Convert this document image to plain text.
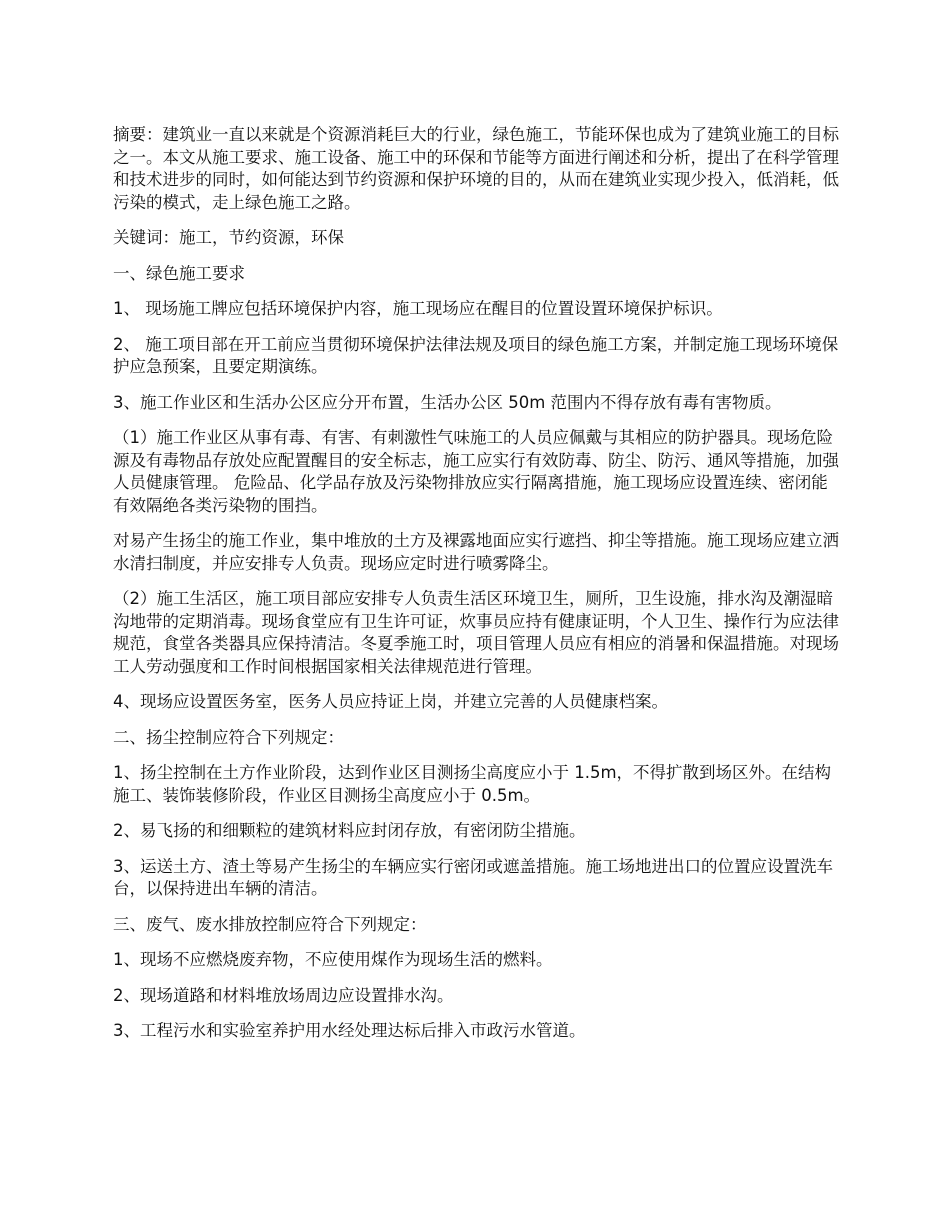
摘要：建筑业一直以来就是个资源消耗巨大的行业，绿色施工，节能环保也成为了建筑业施工的目标之一。本文从施工要求、施工设备、施工中的环保和节能等方面进行阐述和分析，提出了在科学管理和技术进步的同时，如何能达到节约资源和保护环境的目的，从而在建筑业实现少投入，低消耗，低污染的模式，走上绿色施工之路。

关键词：施工，节约资源，环保

一、绿色施工要求

1、 现场施工牌应包括环境保护内容，施工现场应在醒目的位置设置环境保护标识。

2、 施工项目部在开工前应当贯彻环境保护法律法规及项目的绿色施工方案，并制定施工现场环境保护应急预案，且要定期演练。

3、施工作业区和生活办公区应分开布置，生活办公区 50m 范围内不得存放有毒有害物质。

（1）施工作业区从事有毒、有害、有刺激性气味施工的人员应佩戴与其相应的防护器具。现场危险源及有毒物品存放处应配置醒目的安全标志，施工应实行有效防毒、防尘、防污、通风等措施，加强人员健康管理。 危险品、化学品存放及污染物排放应实行隔离措施，施工现场应设置连续、密闭能有效隔绝各类污染物的围挡。

对易产生扬尘的施工作业，集中堆放的土方及裸露地面应实行遮挡、抑尘等措施。施工现场应建立洒水清扫制度，并应安排专人负责。现场应定时进行喷雾降尘。

（2）施工生活区，施工项目部应安排专人负责生活区环境卫生，厕所，卫生设施，排水沟及潮湿暗沟地带的定期消毒。现场食堂应有卫生许可证，炊事员应持有健康证明，个人卫生、操作行为应法律规范，食堂各类器具应保持清洁。冬夏季施工时，项目管理人员应有相应的消暑和保温措施。对现场工人劳动强度和工作时间根据国家相关法律规范进行管理。

4、现场应设置医务室，医务人员应持证上岗，并建立完善的人员健康档案。

二、扬尘控制应符合下列规定：

1、扬尘控制在土方作业阶段，达到作业区目测扬尘高度应小于 1.5m，不得扩散到场区外。在结构施工、装饰装修阶段，作业区目测扬尘高度应小于 0.5m。

2、易飞扬的和细颗粒的建筑材料应封闭存放，有密闭防尘措施。

3、运送土方、渣土等易产生扬尘的车辆应实行密闭或遮盖措施。施工场地进出口的位置应设置洗车台，以保持进出车辆的清洁。

三、废气、废水排放控制应符合下列规定：

1、现场不应燃烧废弃物，不应使用煤作为现场生活的燃料。

2、现场道路和材料堆放场周边应设置排水沟。

3、工程污水和实验室养护用水经处理达标后排入市政污水管道。
